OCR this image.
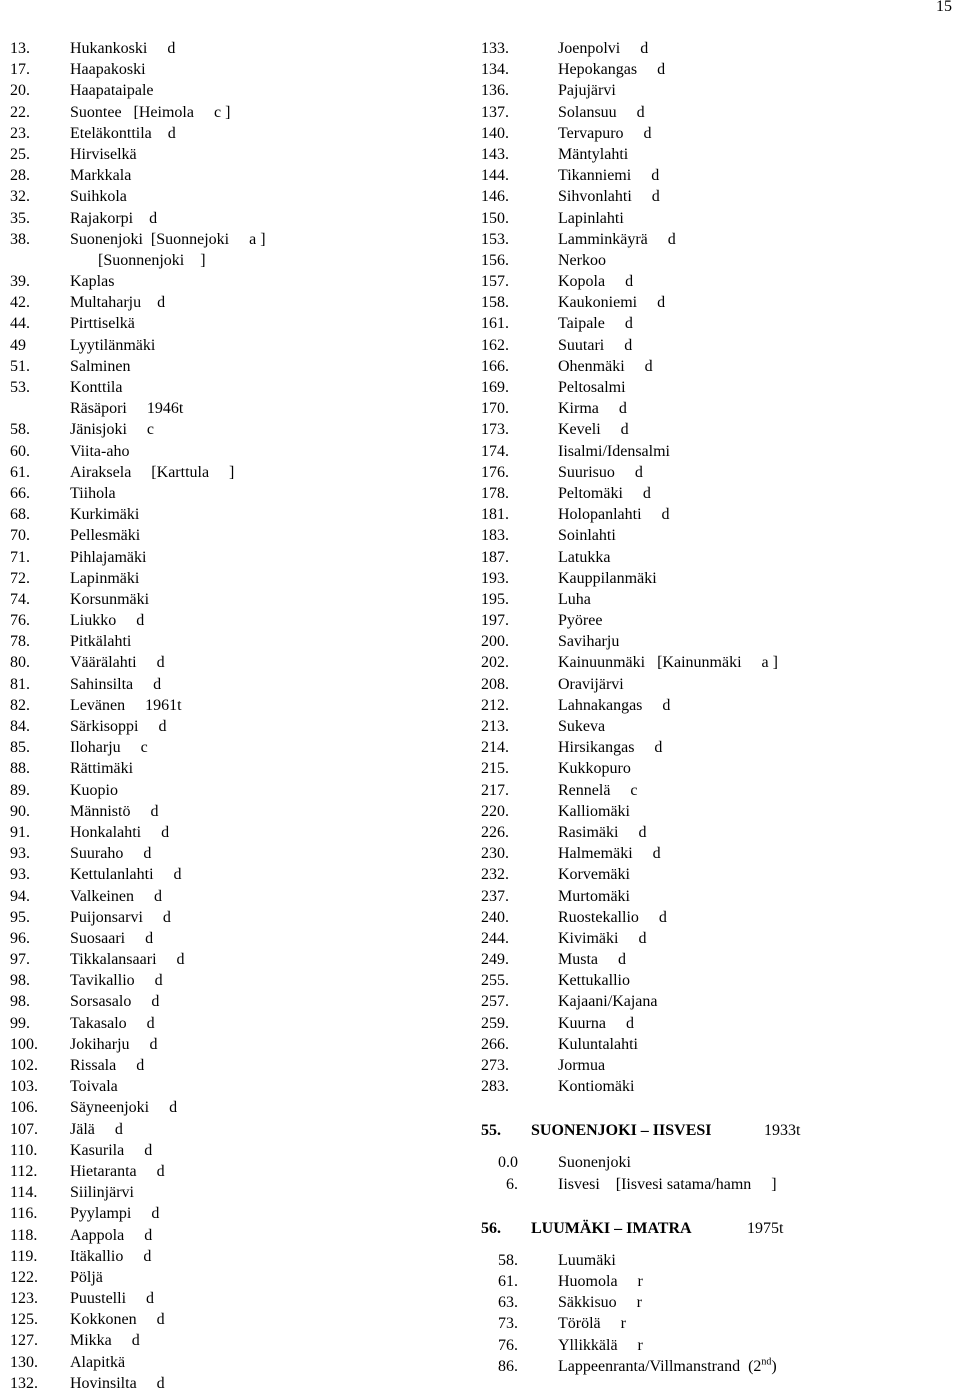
15
13.	Hukankoski     d
17.	Haapakoski
20.	Haapataipale
22.	Suontee   [Heimola     c ]
23.	Eteläkonttila    d
25.	Hirviselkä
28.	Markkala
32.	Suihkola
35.	Rajakorpi    d
38.	Suonenjoki  [Suonnejoki     a ]
[Suonnenjoki    ]
39.	Kaplas
42.	Multaharju    d
44.	Pirttiselkä
49	Lyytilänmäki
51.	Salminen
53.	Konttila
Räsäpori     1946t
58.	Jänisjoki     c
60.	Viita-aho
61.	Airaksela     [Karttula     ]
66.	Tiihola
68.	Kurkimäki
70.	Pellesmäki
71.	Pihlajamäki
72.	Lapinmäki
74.	Korsunmäki
76.	Liukko     d
78.	Pitkälahti
80.	Väärälahti     d
81.	Sahinsilta     d
82.	Levänen     1961t
84.	Särkisoppi     d
85.	Iloharju     c
88.	Rättimäki
89.	Kuopio
90.	Männistö     d
91.	Honkalahti     d
93.	Suuraho     d
93.	Kettulanlahti     d
94.	Valkeinen     d
95.	Puijonsarvi     d
96.	Suosaari     d
97.	Tikkalansaari     d
98.	Tavikallio     d
98.	Sorsasalo     d
99.	Takasalo     d
100. Jokiharju     d
102. Rissala     d
103. Toivala
106. Säyneenjoki     d
107. Jälä     d
110. Kasurila     d
112. Hietaranta     d
114. Siilinjärvi
116. Pyylampi     d
118. Aappola     d
119. Itäkallio     d
122. Pöljä
123. Puustelli     d
125. Kokkonen     d
127. Mikka     d
130. Alapitkä
132. Hovinsilta     d
133.	Joenpolvi     d
134.	Hepokangas     d
136.	Pajujärvi
137.	Solansuu     d
140.	Tervapuro     d
143.	Mäntylahti
144.	Tikanniemi     d
146.	Sihvonlahti     d
150.	Lapinlahti
153.	Lamminkäyrä     d
156.	Nerkoo
157.	Kopola     d
158.	Kaukoniemi     d
161.	Taipale     d
162.	Suutari     d
166.	Ohenmäki     d
169.	Peltosalmi
170.	Kirma     d
173.	Keveli     d
174.	Iisalmi/Idensalmi
176.	Suurisuo     d
178.	Peltomäki     d
181.	Holopanlahti     d
183.	Soinlahti
187.	Latukka
193.	Kauppilanmäki
195.	Luha
197.	Pyöree
200.	Saviharju
202.	Kainuunmäki   [Kainunmäki     a ]
208.	Oravijärvi
212.	Lahnakangas     d
213.	Sukeva
214.	Hirsikangas     d
215.	Kukkopuro
217.	Rennelä     c
220.	Kalliomäki
226.	Rasimäki     d
230.	Halmemäki     d
232.	Korvemäki
237.	Murtomäki
240.	Ruostekallio     d
244.	Kivimäki     d
249.	Musta     d
255.	Kettukallio
257.	Kajaani/Kajana
259.	Kuurna     d
266.	Kuluntalahti
273.	Jormua
283.	Kontiomäki
55. SUONENJOKI – IISVESI	1933t
0.0	Suonenjoki
6.	Iisvesi    [Iisvesi satama/hamn     ]
56. LUUMÄKI – IMATRA	1975t
58.	Luumäki
61.	Huomola     r
63.	Säkkisuo     r
73.	Törölä     r
76.	Yllikkälä     r
86.	Lappeenranta/Villmanstrand  (2nd)
